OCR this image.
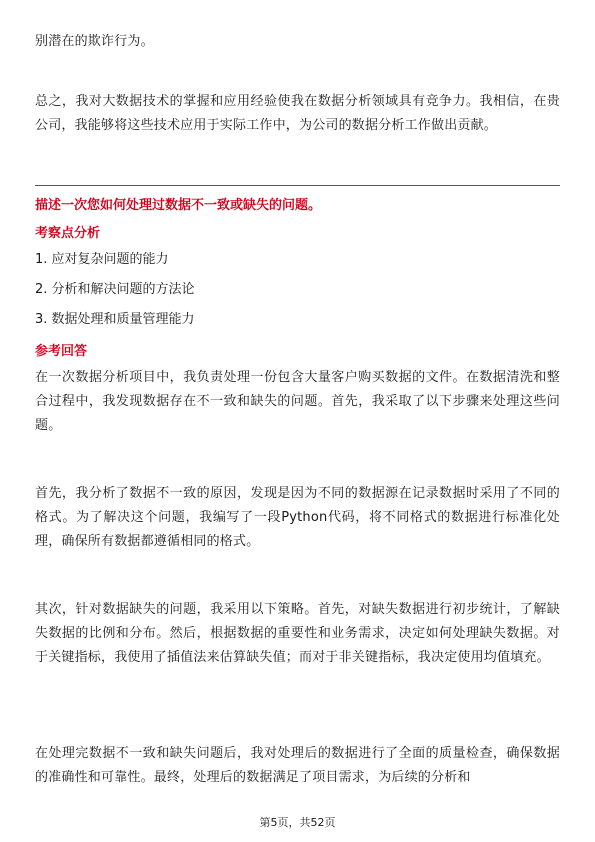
别潜在的欺诈行为。

总之，我对大数据技术的掌握和应用经验使我在数据分析领域具有竞争力。我相信，在贵公司，我能够将这些技术应用于实际工作中，为公司的数据分析工作做出贡献。

描述一次您如何处理过数据不一致或缺失的问题。

考察点分析

1. 应对复杂问题的能力

2. 分析和解决问题的方法论

3. 数据处理和质量管理能力

参考回答

在一次数据分析项目中，我负责处理一份包含大量客户购买数据的文件。在数据清洗和整合过程中，我发现数据存在不一致和缺失的问题。首先，我采取了以下步骤来处理这些问题。

首先，我分析了数据不一致的原因，发现是因为不同的数据源在记录数据时采用了不同的格式。为了解决这个问题，我编写了一段Python代码，将不同格式的数据进行标准化处理，确保所有数据都遵循相同的格式。

其次，针对数据缺失的问题，我采用以下策略。首先，对缺失数据进行初步统计，了解缺失数据的比例和分布。然后，根据数据的重要性和业务需求，决定如何处理缺失数据。对于关键指标，我使用了插值法来估算缺失值；而对于非关键指标，我决定使用均值填充。

在处理完数据不一致和缺失问题后，我对处理后的数据进行了全面的质量检查，确保数据的准确性和可靠性。最终，处理后的数据满足了项目需求，为后续的分析和

第5页，共52页
